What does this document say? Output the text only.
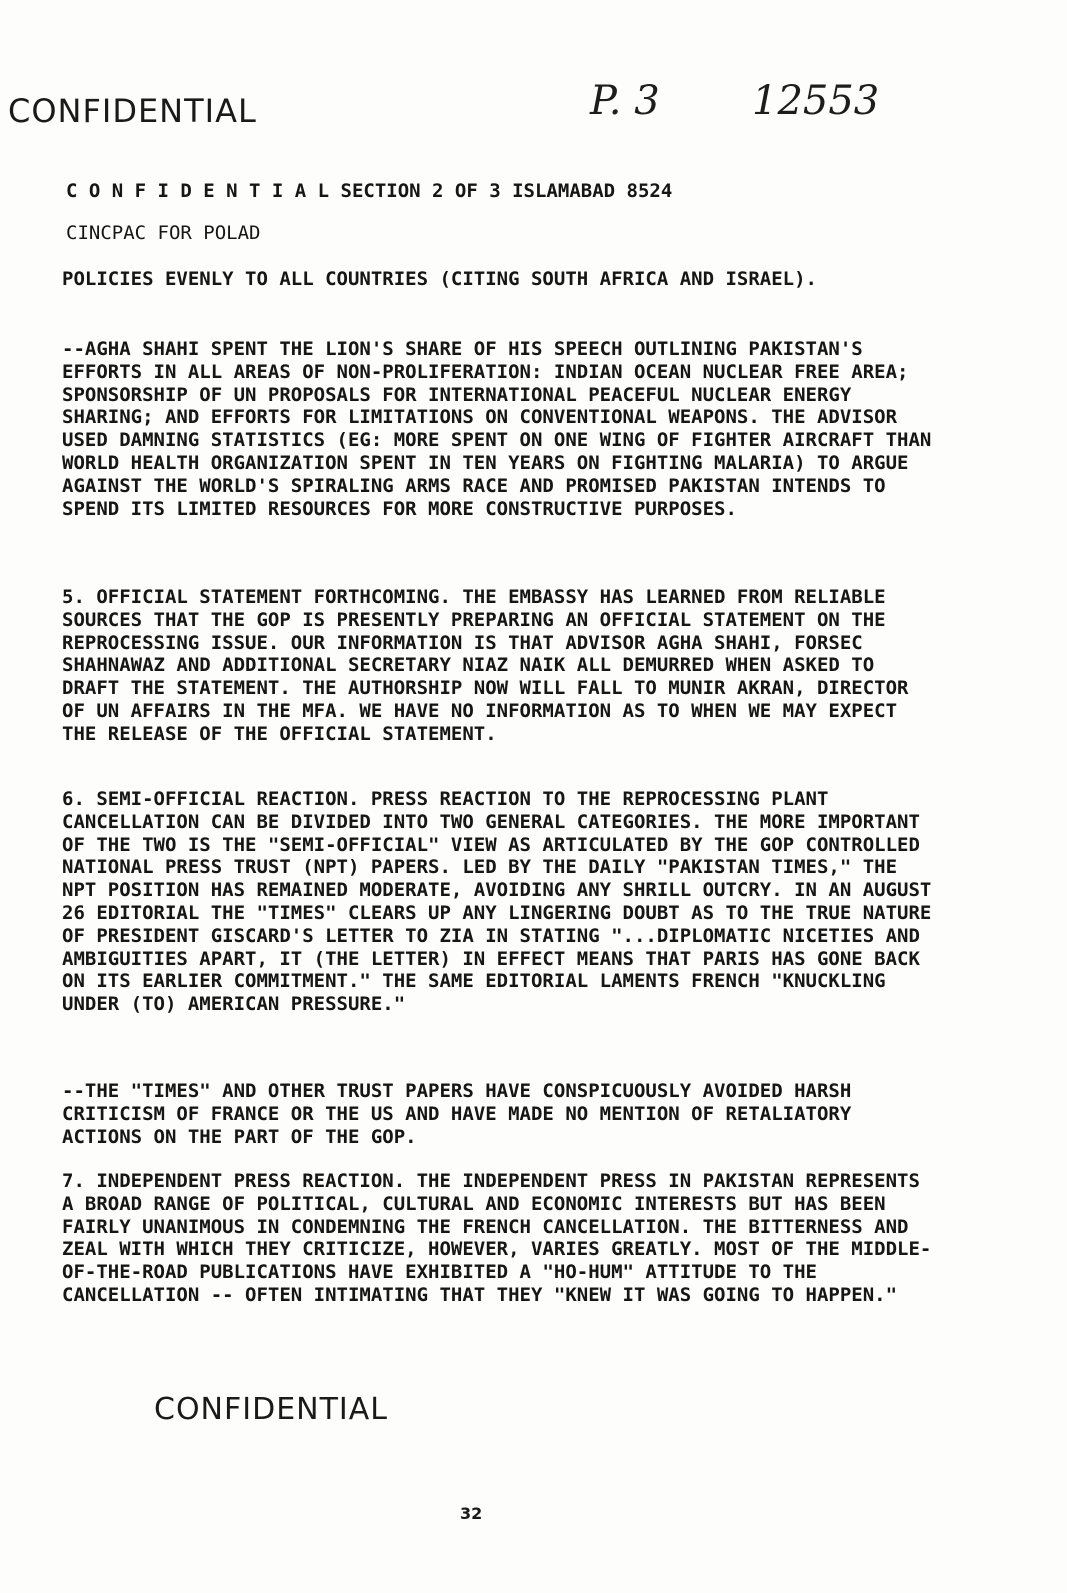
CONFIDENTIAL	P. 3 12553
C O N F I D E N T I A L SECTION 2 OF 3 ISLAMABAD 8524
CINCPAC FOR POLAD
POLICIES EVENLY TO ALL COUNTRIES (CITING SOUTH AFRICA AND ISRAEL).
--AGHA SHAHI SPENT THE LION'S SHARE OF HIS SPEECH OUTLINING PAKISTAN'S EFFORTS IN ALL AREAS OF NON-PROLIFERATION: INDIAN OCEAN NUCLEAR FREE AREA; SPONSORSHIP OF UN PROPOSALS FOR INTERNATIONAL PEACEFUL NUCLEAR ENERGY SHARING; AND EFFORTS FOR LIMITATIONS ON CONVENTIONAL WEAPONS. THE ADVISOR USED DAMNING STATISTICS (EG: MORE SPENT ON ONE WING OF FIGHTER AIRCRAFT THAN WORLD HEALTH ORGANIZATION SPENT IN TEN YEARS ON FIGHTING MALARIA) TO ARGUE AGAINST THE WORLD'S SPIRALING ARMS RACE AND PROMISED PAKISTAN INTENDS TO SPEND ITS LIMITED RESOURCES FOR MORE CONSTRUCTIVE PURPOSES.
5. OFFICIAL STATEMENT FORTHCOMING. THE EMBASSY HAS LEARNED FROM RELIABLE SOURCES THAT THE GOP IS PRESENTLY PREPARING AN OFFICIAL STATEMENT ON THE REPROCESSING ISSUE. OUR INFORMATION IS THAT ADVISOR AGHA SHAHI, FORSEC SHAHNAWAZ AND ADDITIONAL SECRETARY NIAZ NAIK ALL DEMURRED WHEN ASKED TO DRAFT THE STATEMENT. THE AUTHORSHIP NOW WILL FALL TO MUNIR AKRAN, DIRECTOR OF UN AFFAIRS IN THE MFA. WE HAVE NO INFORMATION AS TO WHEN WE MAY EXPECT THE RELEASE OF THE OFFICIAL STATEMENT.
6. SEMI-OFFICIAL REACTION. PRESS REACTION TO THE REPROCESSING PLANT CANCELLATION CAN BE DIVIDED INTO TWO GENERAL CATEGORIES. THE MORE IMPORTANT OF THE TWO IS THE "SEMI-OFFICIAL" VIEW AS ARTICULATED BY THE GOP CONTROLLED NATIONAL PRESS TRUST (NPT) PAPERS. LED BY THE DAILY "PAKISTAN TIMES," THE NPT POSITION HAS REMAINED MODERATE, AVOIDING ANY SHRILL OUTCRY. IN AN AUGUST 26 EDITORIAL THE "TIMES" CLEARS UP ANY LINGERING DOUBT AS TO THE TRUE NATURE OF PRESIDENT GISCARD'S LETTER TO ZIA IN STATING "...DIPLOMATIC NICETIES AND AMBIGUITIES APART, IT (THE LETTER) IN EFFECT MEANS THAT PARIS HAS GONE BACK ON ITS EARLIER COMMITMENT." THE SAME EDITORIAL LAMENTS FRENCH "KNUCKLING UNDER (TO) AMERICAN PRESSURE."
--THE "TIMES" AND OTHER TRUST PAPERS HAVE CONSPICUOUSLY AVOIDED HARSH CRITICISM OF FRANCE OR THE US AND HAVE MADE NO MENTION OF RETALIATORY ACTIONS ON THE PART OF THE GOP.
7. INDEPENDENT PRESS REACTION. THE INDEPENDENT PRESS IN PAKISTAN REPRESENTS A BROAD RANGE OF POLITICAL, CULTURAL AND ECONOMIC INTERESTS BUT HAS BEEN FAIRLY UNANIMOUS IN CONDEMNING THE FRENCH CANCELLATION. THE BITTERNESS AND ZEAL WITH WHICH THEY CRITICIZE, HOWEVER, VARIES GREATLY. MOST OF THE MIDDLE-OF-THE-ROAD PUBLICATIONS HAVE EXHIBITED A "HO-HUM" ATTITUDE TO THE CANCELLATION -- OFTEN INTIMATING THAT THEY "KNEW IT WAS GOING TO HAPPEN."
CONFIDENTIAL
32
